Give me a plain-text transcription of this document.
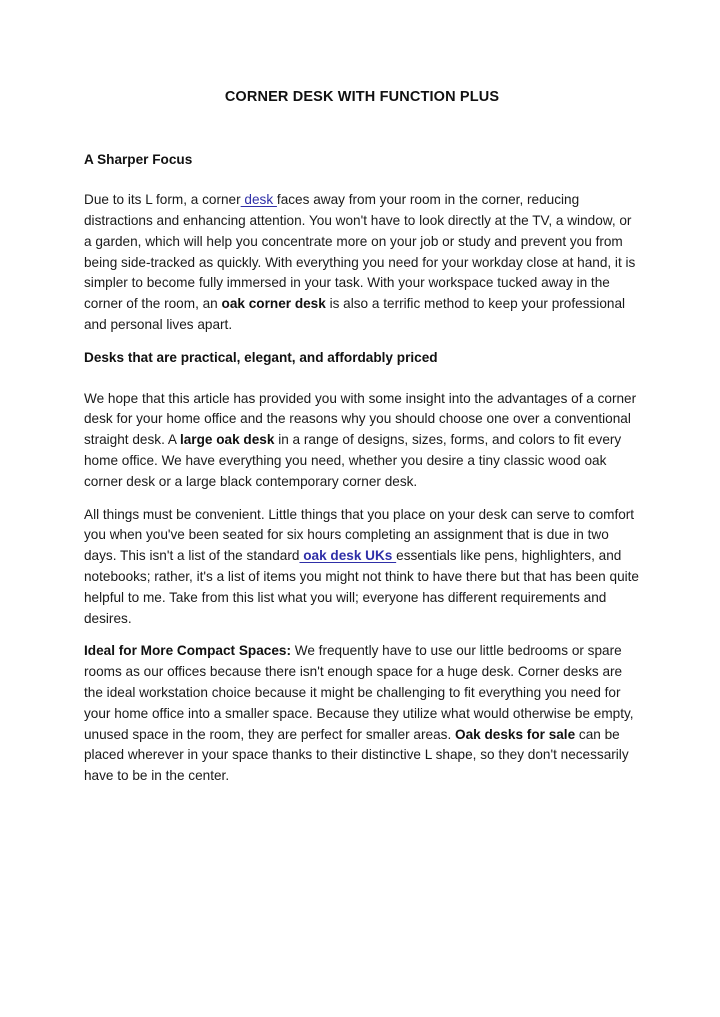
CORNER DESK WITH FUNCTION PLUS
A Sharper Focus

Due to its L form, a corner desk faces away from your room in the corner, reducing distractions and enhancing attention. You won't have to look directly at the TV, a window, or a garden, which will help you concentrate more on your job or study and prevent you from being side-tracked as quickly. With everything you need for your workday close at hand, it is simpler to become fully immersed in your task. With your workspace tucked away in the corner of the room, an oak corner desk is also a terrific method to keep your professional and personal lives apart.

Desks that are practical, elegant, and affordably priced

We hope that this article has provided you with some insight into the advantages of a corner desk for your home office and the reasons why you should choose one over a conventional straight desk. A large oak desk in a range of designs, sizes, forms, and colors to fit every home office. We have everything you need, whether you desire a tiny classic wood oak corner desk or a large black contemporary corner desk.

All things must be convenient. Little things that you place on your desk can serve to comfort you when you've been seated for six hours completing an assignment that is due in two days. This isn't a list of the standard oak desk UKs essentials like pens, highlighters, and notebooks; rather, it's a list of items you might not think to have there but that has been quite helpful to me. Take from this list what you will; everyone has different requirements and desires.

Ideal for More Compact Spaces: We frequently have to use our little bedrooms or spare rooms as our offices because there isn't enough space for a huge desk. Corner desks are the ideal workstation choice because it might be challenging to fit everything you need for your home office into a smaller space. Because they utilize what would otherwise be empty, unused space in the room, they are perfect for smaller areas. Oak desks for sale can be placed wherever in your space thanks to their distinctive L shape, so they don't necessarily have to be in the center.
